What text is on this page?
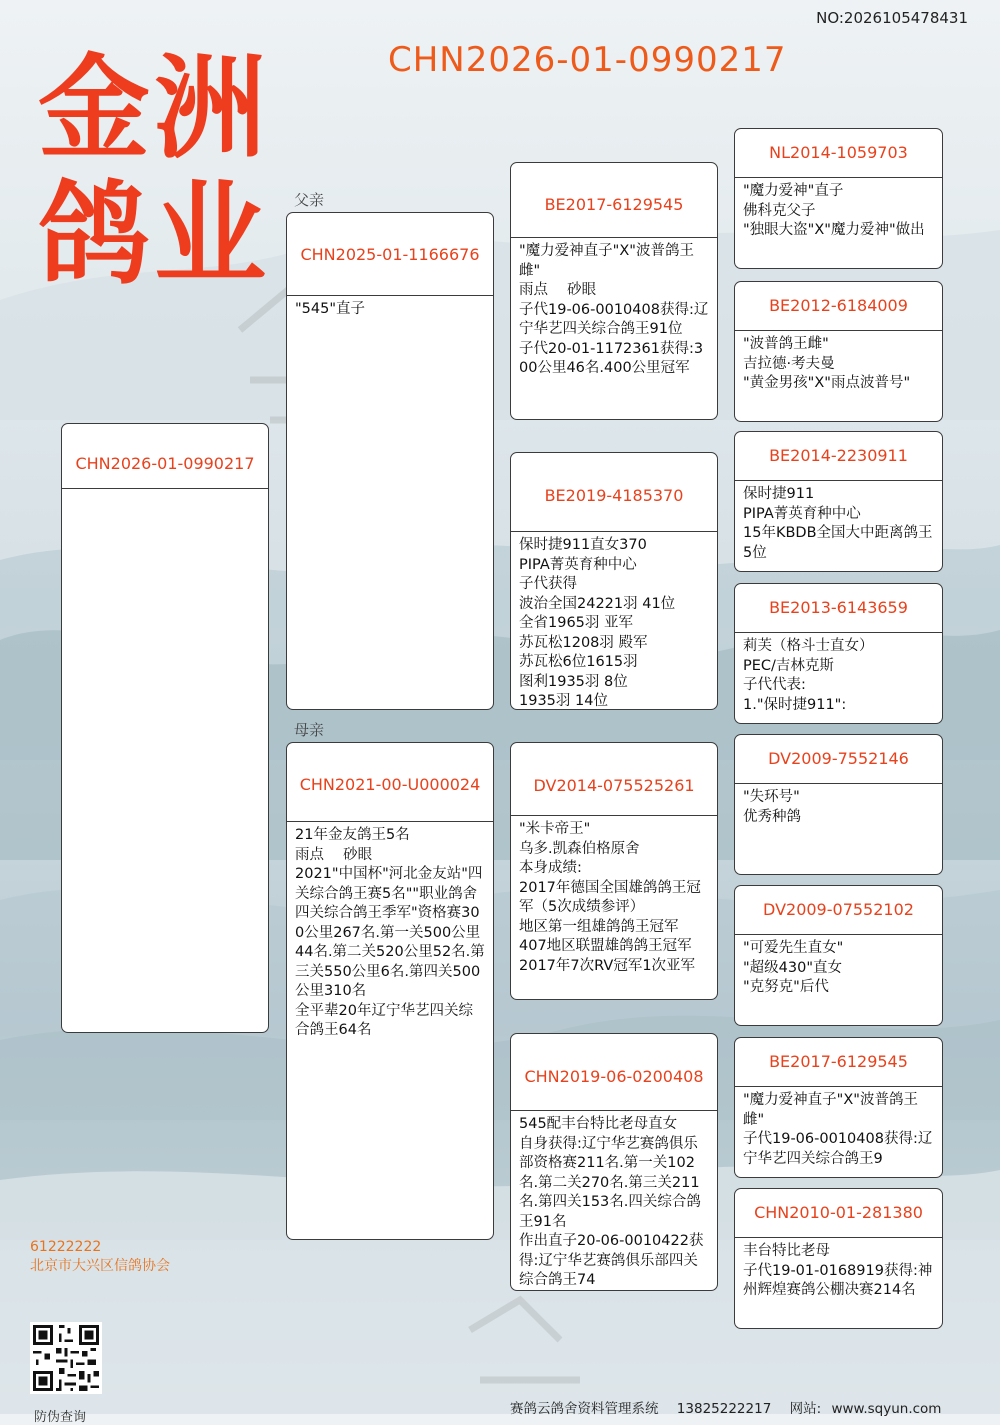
NO:2026105478431
CHN2026-01-0990217
金洲
鸽业	父亲
母亲
CHN2026-01-0990217
CHN2025-01-1166676
"545"直子
CHN2021-00-U000024
21年金友鸽王5名
雨点　 砂眼
2021"中国杯"河北金友站"四关综合鸽王赛5名""职业鸽舍四关综合鸽王季军"资格赛300公里267名.第一关500公里44名.第二关520公里52名.第三关550公里6名.第四关500公里310名
全平辈20年辽宁华艺四关综合鸽王64名
BE2017-6129545
"魔力爱神直子"X"波普鸽王雌"
雨点　 砂眼
子代19-06-0010408获得:辽宁华艺四关综合鸽王91位
子代20-01-1172361获得:300公里46名.400公里冠军
BE2019-4185370
保时捷911直女370
PIPA菁英育种中心
子代获得
波治全国24221羽 41位
全省1965羽 亚军
苏瓦松1208羽 殿军
苏瓦松6位1615羽
图利1935羽 8位
1935羽 14位
DV2014-075525261
"米卡帝王"
乌多.凯森伯格原舍
本身成绩:
2017年德国全国雄鸽鸽王冠军（5次成绩参评）
地区第一组雄鸽鸽王冠军
407地区联盟雄鸽鸽王冠军
2017年7次RV冠军1次亚军
CHN2019-06-0200408
545配丰台特比老母直女
自身获得:辽宁华艺赛鸽俱乐部资格赛211名.第一关102名.第二关270名.第三关211名.第四关153名.四关综合鸽王91名
作出直子20-06-0010422获得:辽宁华艺赛鸽俱乐部四关综合鸽王74
NL2014-1059703
"魔力爱神"直子
佛科克父子
"独眼大盗"X"魔力爱神"做出
BE2012-6184009
"波普鸽王雌"
吉拉德·考夫曼
"黄金男孩"X"雨点波普号"
BE2014-2230911
保时捷911
PIPA菁英育种中心
15年KBDB全国大中距离鸽王5位
BE2013-6143659
莉芙（格斗士直女）
PEC/吉林克斯
子代代表:
1."保时捷911":
DV2009-7552146
"失环号"
优秀种鸽
DV2009-07552102
"可爱先生直女"
"超级430"直女
"克努克"后代
BE2017-6129545
"魔力爱神直子"X"波普鸽王雌"
子代19-06-0010408获得:辽宁华艺四关综合鸽王9
CHN2010-01-281380
丰台特比老母
子代19-01-0168919获得:神州辉煌赛鸽公棚决赛214名
61222222
北京市大兴区信鸽协会
防伪查询
赛鸽云鸽舍资料管理系统 13825222217 网站: www.sqyun.com
